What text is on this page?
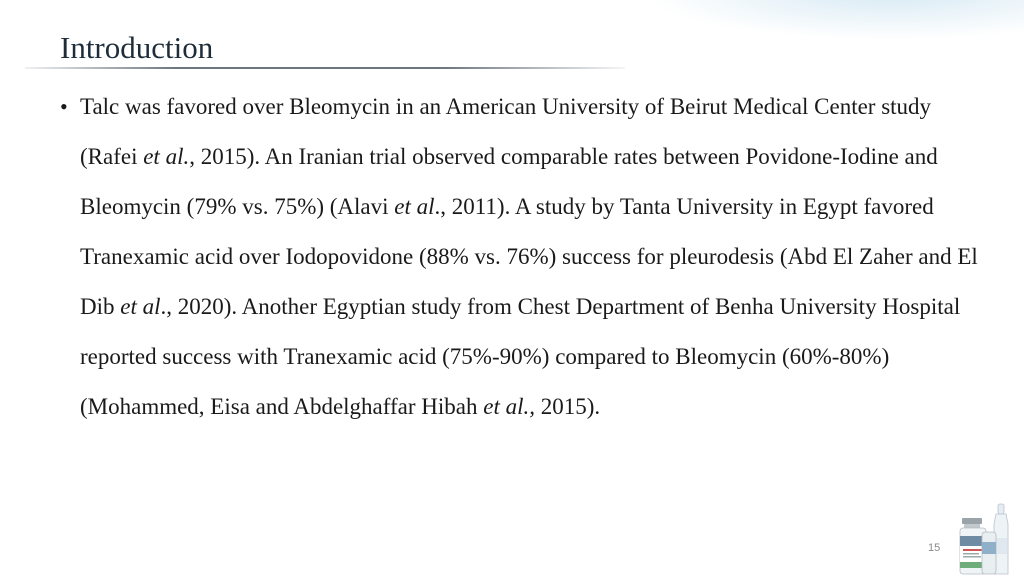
Introduction
• Talc was favored over Bleomycin in an American University of Beirut Medical Center study (Rafei et al., 2015). An Iranian trial observed comparable rates between Povidone-Iodine and Bleomycin (79% vs. 75%) (Alavi et al., 2011). A study by Tanta University in Egypt favored Tranexamic acid over Iodopovidone (88% vs. 76%) success for pleurodesis (Abd El Zaher and El Dib et al., 2020). Another Egyptian study from Chest Department of Benha University Hospital reported success with Tranexamic acid (75%-90%) compared to Bleomycin (60%-80%) (Mohammed, Eisa and Abdelghaffar Hibah et al., 2015).

15
